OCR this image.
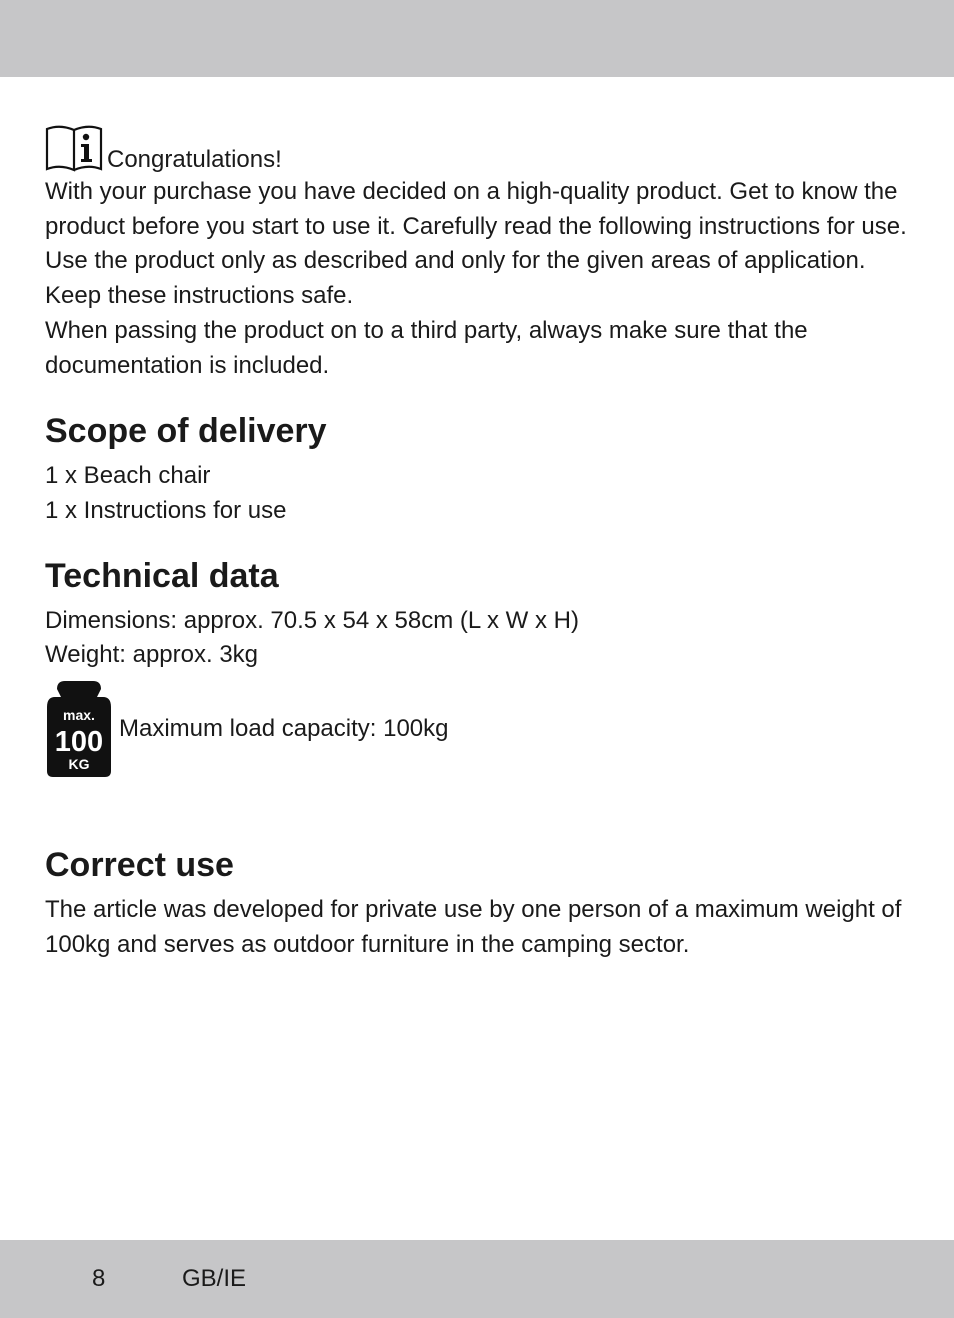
Congratulations!

With your purchase you have decided on a high-quality product. Get to know the product before you start to use it. Carefully read the following instructions for use. Use the product only as described and only for the given areas of application. Keep these instructions safe.

When passing the product on to a third party, always make sure that the documentation is included.

Scope of delivery

1 x Beach chair

1 x Instructions for use

Technical data

Dimensions: approx. 70.5 x 54 x 58cm (L x W x H)

Weight: approx. 3kg

max.
100
KG
Maximum load capacity: 100kg
Correct use

The article was developed for private use by one person of a maximum weight of 100kg and serves as outdoor furniture in the camping sector.

8	GB/IE
